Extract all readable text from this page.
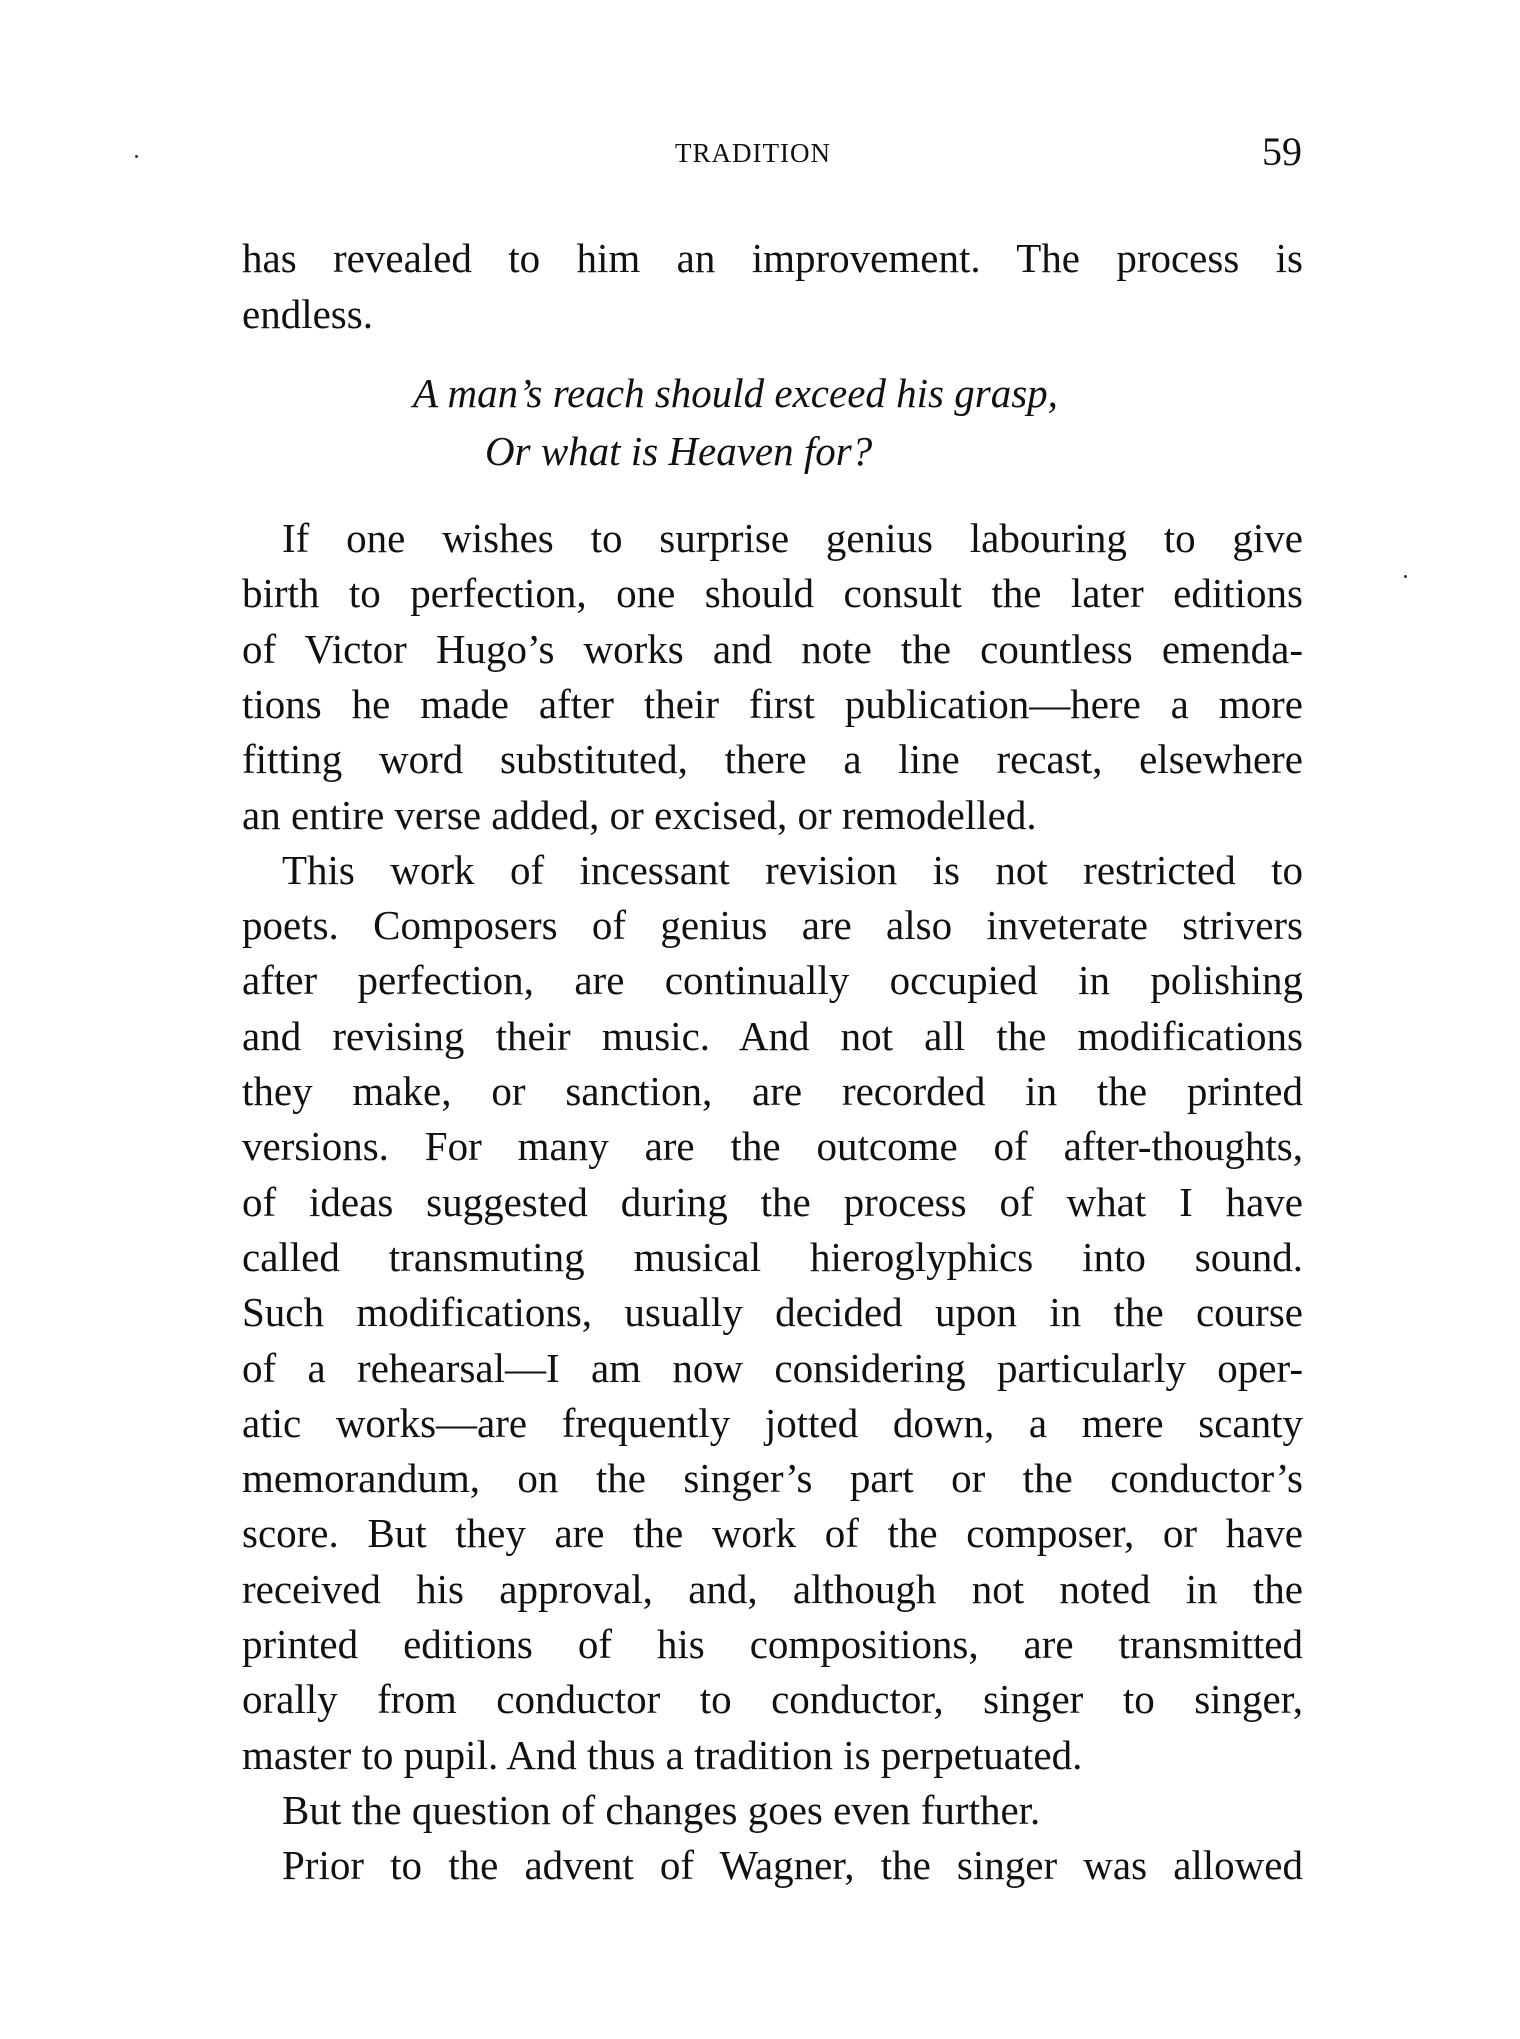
TRADITION	59
A man’s reach should exceed his grasp,
Or what is Heaven for?
has revealed to him an improvement. The process is
endless.
If one wishes to surprise genius labouring to give
birth to perfection, one should consult the later editions
of Victor Hugo’s works and note the countless emenda-
tions he made after their first publication—here a more
fitting word substituted, there a line recast, elsewhere
an entire verse added, or excised, or remodelled.
This work of incessant revision is not restricted to
poets. Composers of genius are also inveterate strivers
after perfection, are continually occupied in polishing
and revising their music. And not all the modifications
they make, or sanction, are recorded in the printed
versions. For many are the outcome of after-thoughts,
of ideas suggested during the process of what I have
called transmuting musical hieroglyphics into sound.
Such modifications, usually decided upon in the course
of a rehearsal—I am now considering particularly oper-
atic works—are frequently jotted down, a mere scanty
memorandum, on the singer’s part or the conductor’s
score. But they are the work of the composer, or have
received his approval, and, although not noted in the
printed editions of his compositions, are transmitted
orally from conductor to conductor, singer to singer,
master to pupil. And thus a tradition is perpetuated.
But the question of changes goes even further.
Prior to the advent of Wagner, the singer was allowed
